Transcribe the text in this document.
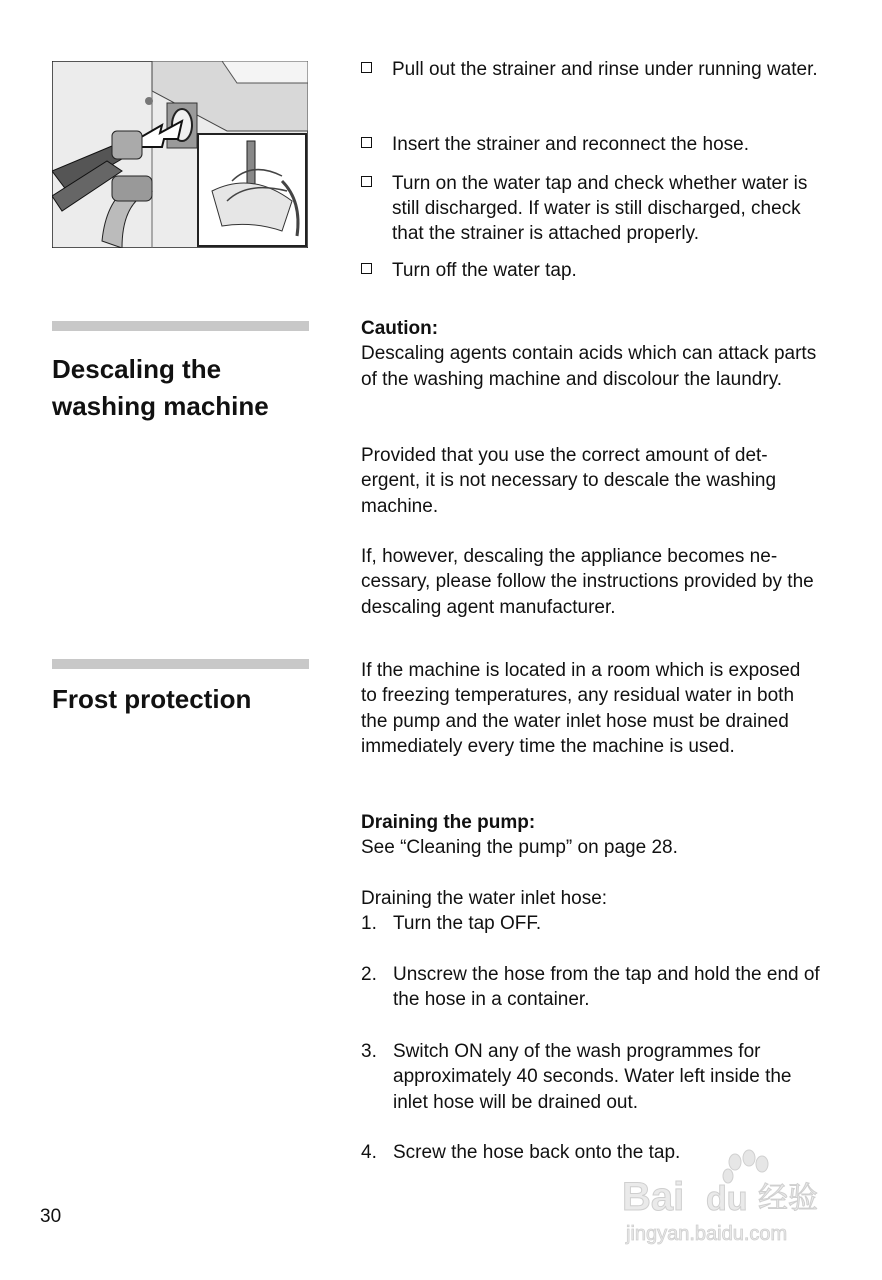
Pull out the strainer and rinse under running water.
Insert the strainer and reconnect the hose.
Turn on the water tap and check whether water is still discharged. If water is still discharged, check that the strainer is attached properly.
Turn off the water tap.
Descaling the
washing machine
Caution:
Descaling agents contain acids which can attack parts of the washing machine and discolour the laundry.
Provided that you use the correct amount of det- ergent, it is not necessary to descale the washing machine.
If, however, descaling the appliance becomes ne- cessary, please follow the instructions provided by the descaling agent manufacturer.
Frost protection
If the machine is located in a room which is exposed to freezing temperatures, any residual water in both the pump and the water inlet hose must be drained immediately every time the machine is used.
Draining the pump:
See “Cleaning the pump” on page 28.
Draining the water inlet hose:
1. Turn the tap OFF.
2. Unscrew the hose from the tap and hold the end of the hose in a container.
3. Switch ON any of the wash programmes for approximately 40 seconds. Water left inside the inlet hose will be drained out.
4. Screw the hose back onto the tap.
30	Bai du 经验
jingyan.baidu.com
